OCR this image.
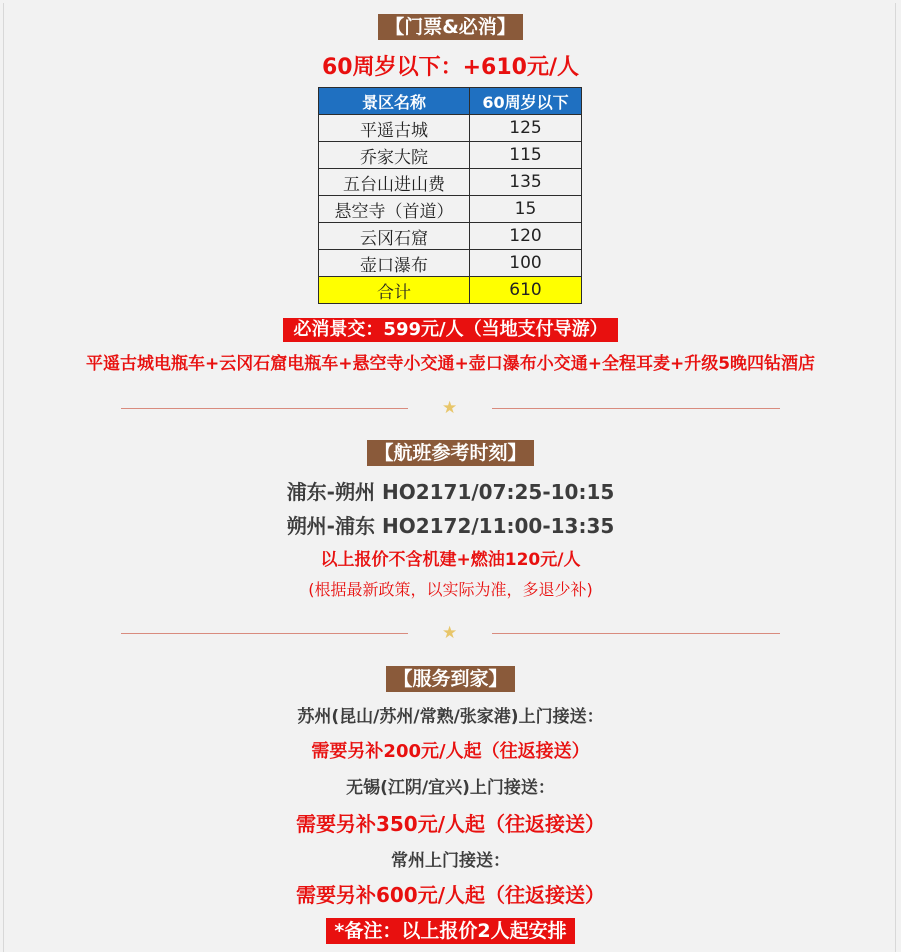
【门票&必消】
60周岁以下：+610元/人
景区名称	60周岁以下
平遥古城	125
乔家大院	115
五台山进山费	135
悬空寺（首道）	15
云冈石窟	120
壶口瀑布	100
合计	610
必消景交：599元/人（当地支付导游）
平遥古城电瓶车+云冈石窟电瓶车+悬空寺小交通+壶口瀑布小交通+全程耳麦+升级5晚四钻酒店
★
【航班参考时刻】
浦东-朔州 HO2171/07:25-10:15
朔州-浦东 HO2172/11:00-13:35
以上报价不含机建+燃油120元/人
(根据最新政策，以实际为准，多退少补)
★
【服务到家】
苏州(昆山/苏州/常熟/张家港)上门接送：
需要另补200元/人起（往返接送）
无锡(江阴/宜兴)上门接送：
需要另补350元/人起（往返接送）
常州上门接送：
需要另补600元/人起（往返接送）
*备注：以上报价2人起安排
